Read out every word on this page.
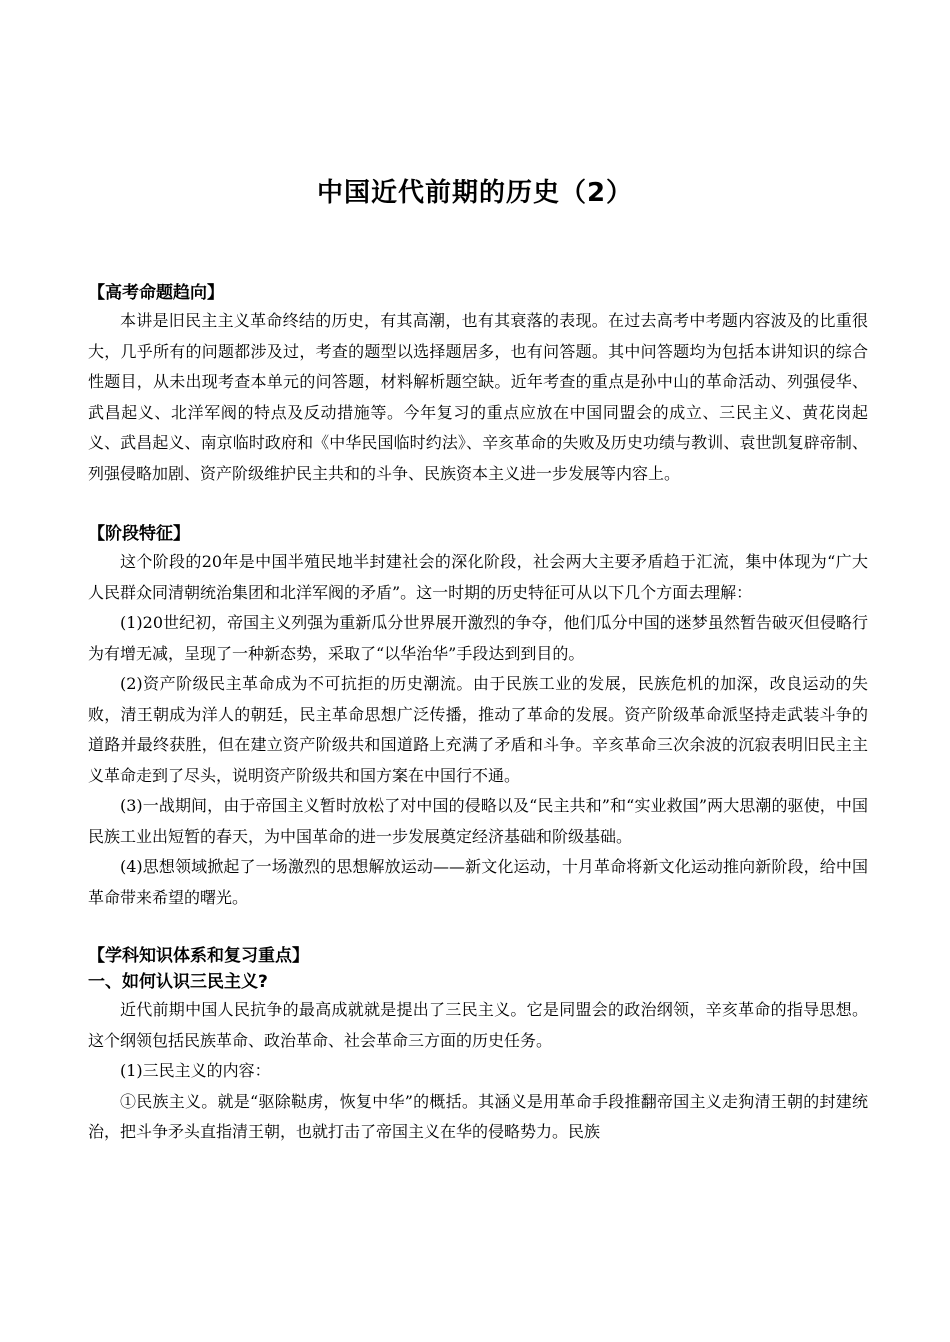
中国近代前期的历史（2）
【高考命题趋向】

本讲是旧民主主义革命终结的历史，有其高潮，也有其衰落的表现。在过去高考中考题内容波及的比重很大，几乎所有的问题都涉及过，考查的题型以选择题居多，也有问答题。其中问答题均为包括本讲知识的综合性题目，从未出现考查本单元的问答题，材料解析题空缺。近年考查的重点是孙中山的革命活动、列强侵华、武昌起义、北洋军阀的特点及反动措施等。今年复习的重点应放在中国同盟会的成立、三民主义、黄花岗起义、武昌起义、南京临时政府和《中华民国临时约法》、辛亥革命的失败及历史功绩与教训、袁世凯复辟帝制、列强侵略加剧、资产阶级维护民主共和的斗争、民族资本主义进一步发展等内容上。

【阶段特征】

这个阶段的20年是中国半殖民地半封建社会的深化阶段，社会两大主要矛盾趋于汇流，集中体现为“广大人民群众同清朝统治集团和北洋军阀的矛盾”。这一时期的历史特征可从以下几个方面去理解：

(1)20世纪初，帝国主义列强为重新瓜分世界展开激烈的争夺，他们瓜分中国的迷梦虽然暂告破灭但侵略行为有增无减，呈现了一种新态势，采取了“以华治华”手段达到到目的。

(2)资产阶级民主革命成为不可抗拒的历史潮流。由于民族工业的发展，民族危机的加深，改良运动的失败，清王朝成为洋人的朝廷，民主革命思想广泛传播，推动了革命的发展。资产阶级革命派坚持走武装斗争的道路并最终获胜，但在建立资产阶级共和国道路上充满了矛盾和斗争。辛亥革命三次余波的沉寂表明旧民主主义革命走到了尽头，说明资产阶级共和国方案在中国行不通。

(3)一战期间，由于帝国主义暂时放松了对中国的侵略以及“民主共和”和“实业救国”两大思潮的驱使，中国民族工业出短暂的春天，为中国革命的进一步发展奠定经济基础和阶级基础。

(4)思想领域掀起了一场激烈的思想解放运动——新文化运动，十月革命将新文化运动推向新阶段，给中国革命带来希望的曙光。

【学科知识体系和复习重点】
一、如何认识三民主义?

近代前期中国人民抗争的最高成就就是提出了三民主义。它是同盟会的政治纲领，辛亥革命的指导思想。这个纲领包括民族革命、政治革命、社会革命三方面的历史任务。

(1)三民主义的内容：

①民族主义。就是“驱除鞑虏，恢复中华”的概括。其涵义是用革命手段推翻帝国主义走狗清王朝的封建统治，把斗争矛头直指清王朝，也就打击了帝国主义在华的侵略势力。民族
